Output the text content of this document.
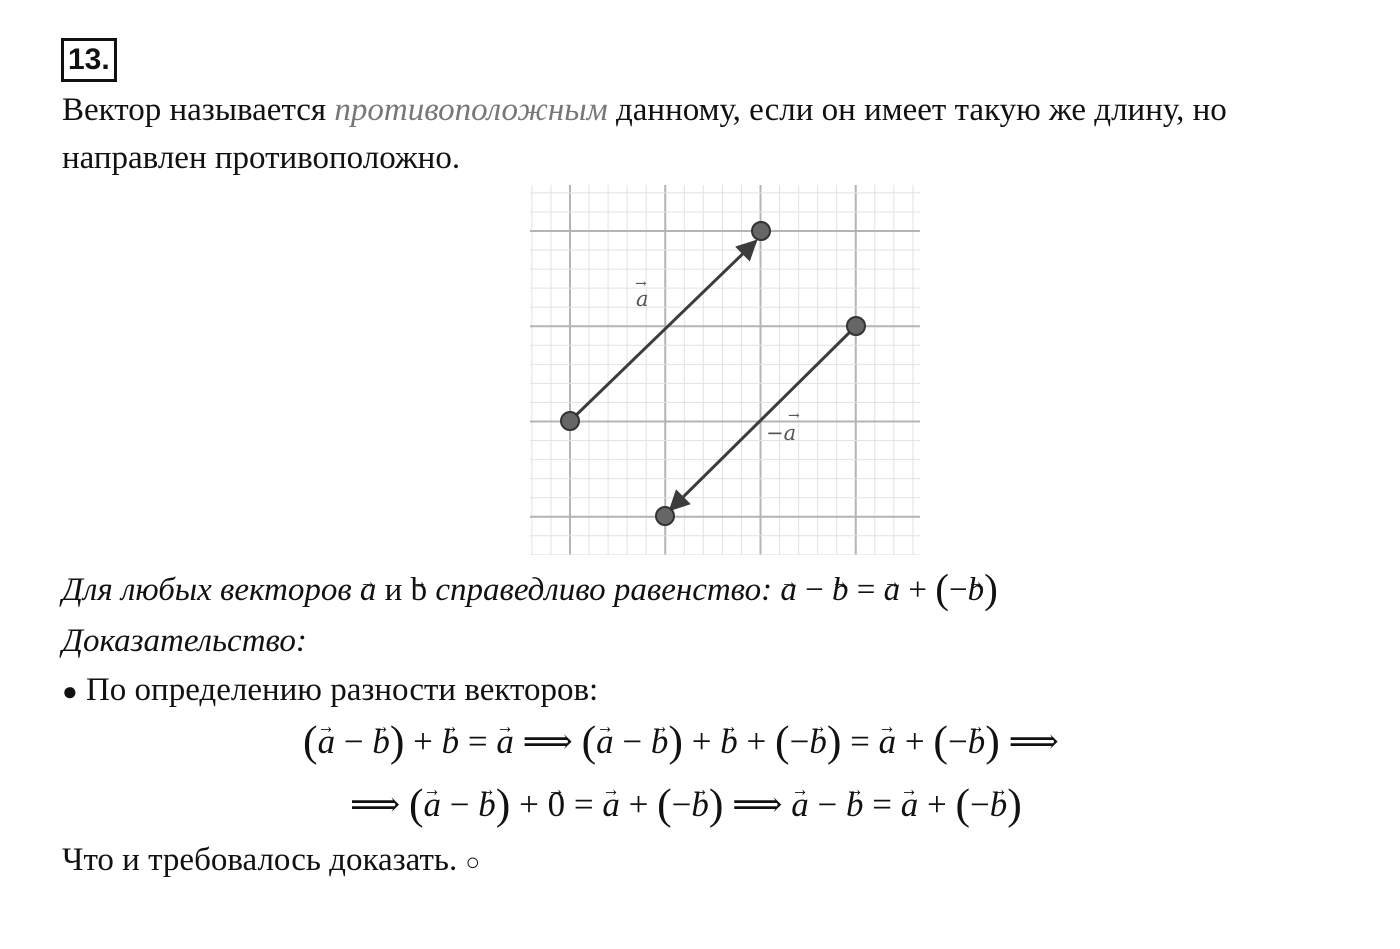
13.
Вектор называется противоположным данному, если он имеет такую же длину, но
направлен противоположно.
→
a
→
−a
Для любых векторов → a и → b справедливо равенство: → a − → b = → a + (−→ b)
Доказательство:
● По определению разности векторов:
(→ a − → b) + → b = → a ⟹ (→ a − → b) + → b + (−→ b) = → a + (−→ b) ⟹
⟹ (→ a − → b) + → 0 = → a + (−→ b) ⟹ → a − → b = → a + (−→ b)
Что и требовалось доказать. ○
